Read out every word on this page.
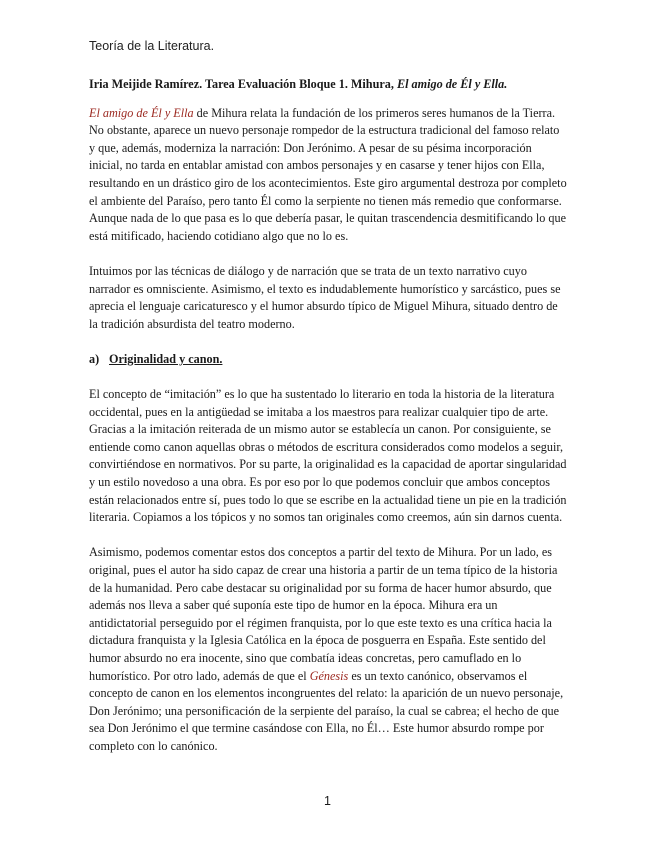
Teoría de la Literatura.
Iria Meijide Ramírez. Tarea Evaluación Bloque 1. Mihura, El amigo de Él y Ella.

El amigo de Él y Ella de Mihura relata la fundación de los primeros seres humanos de la Tierra. No obstante, aparece un nuevo personaje rompedor de la estructura tradicional del famoso relato y que, además, moderniza la narración: Don Jerónimo. A pesar de su pésima incorporación inicial, no tarda en entablar amistad con ambos personajes y en casarse y tener hijos con Ella, resultando en un drástico giro de los acontecimientos. Este giro argumental destroza por completo el ambiente del Paraíso, pero tanto Él como la serpiente no tienen más remedio que conformarse. Aunque nada de lo que pasa es lo que debería pasar, le quitan trascendencia desmitificando lo que está mitificado, haciendo cotidiano algo que no lo es.

Intuimos por las técnicas de diálogo y de narración que se trata de un texto narrativo cuyo narrador es omnisciente. Asimismo, el texto es indudablemente humorístico y sarcástico, pues se aprecia el lenguaje caricaturesco y el humor absurdo típico de Miguel Mihura, situado dentro de la tradición absurdista del teatro moderno.

a) Originalidad y canon.

El concepto de “imitación” es lo que ha sustentado lo literario en toda la historia de la literatura occidental, pues en la antigüedad se imitaba a los maestros para realizar cualquier tipo de arte. Gracias a la imitación reiterada de un mismo autor se establecía un canon. Por consiguiente, se entiende como canon aquellas obras o métodos de escritura considerados como modelos a seguir, convirtiéndose en normativos. Por su parte, la originalidad es la capacidad de aportar singularidad y un estilo novedoso a una obra. Es por eso por lo que podemos concluir que ambos conceptos están relacionados entre sí, pues todo lo que se escribe en la actualidad tiene un pie en la tradición literaria. Copiamos a los tópicos y no somos tan originales como creemos, aún sin darnos cuenta.

Asimismo, podemos comentar estos dos conceptos a partir del texto de Mihura. Por un lado, es original, pues el autor ha sido capaz de crear una historia a partir de un tema típico de la historia de la humanidad. Pero cabe destacar su originalidad por su forma de hacer humor absurdo, que además nos lleva a saber qué suponía este tipo de humor en la época. Mihura era un antidictatorial perseguido por el régimen franquista, por lo que este texto es una crítica hacia la dictadura franquista y la Iglesia Católica en la época de posguerra en España. Este sentido del humor absurdo no era inocente, sino que combatía ideas concretas, pero camuflado en lo humorístico. Por otro lado, además de que el Génesis es un texto canónico, observamos el concepto de canon en los elementos incongruentes del relato: la aparición de un nuevo personaje, Don Jerónimo; una personificación de la serpiente del paraíso, la cual se cabrea; el hecho de que sea Don Jerónimo el que termine casándose con Ella, no Él… Este humor absurdo rompe por completo con lo canónico.

1
